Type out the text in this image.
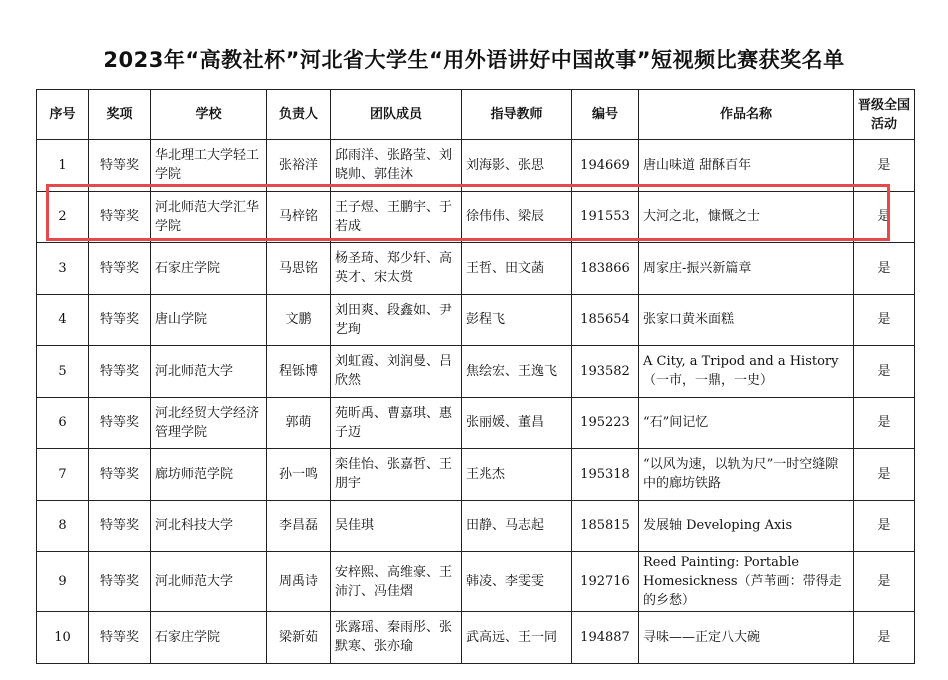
2023年“高教社杯”河北省大学生“用外语讲好中国故事”短视频比赛获奖名单
序号	奖项	学校	负责人	团队成员	指导教师	编号	作品名称	晋级全国活动
1	特等奖	华北理工大学轻工学院	张裕洋	邱雨洋、张路莹、刘晓帅、郭佳沐	刘海影、张思	194669	唐山味道 甜酥百年	是
2	特等奖	河北师范大学汇华学院	马梓铭	王子煜、王鹏宇、于若成	徐伟伟、梁辰	191553	大河之北，慷慨之士	是
3	特等奖	石家庄学院	马思铭	杨圣琦、郑少轩、高英才、宋太赏	王哲、田文菡	183866	周家庄-振兴新篇章	是
4	特等奖	唐山学院	文鹏	刘田爽、段鑫如、尹艺珣	彭程飞	185654	张家口黄米面糕	是
5	特等奖	河北师范大学	程铄博	刘虹霞、刘润曼、吕欣然	焦绘宏、王逸飞	193582	A City, a Tripod and a History（一市，一鼎，一史）	是
6	特等奖	河北经贸大学经济管理学院	郭萌	苑昕禹、曹嘉琪、惠子迈	张丽媛、董昌	195223	“石”间记忆	是
7	特等奖	廊坊师范学院	孙一鸣	栾佳怡、张嘉哲、王朋宇	王兆杰	195318	“以风为速，以轨为尺”一时空缝隙中的廊坊铁路	是
8	特等奖	河北科技大学	李昌磊	吴佳琪	田静、马志起	185815	发展轴 Developing Axis	是
9	特等奖	河北师范大学	周禹诗	安梓熙、高维豪、王沛汀、冯佳熠	韩凌、李雯雯	192716	Reed Painting: Portable Homesickness（芦苇画：带得走的乡愁）	是
10	特等奖	石家庄学院	梁新茹	张露瑶、秦雨彤、张默寒、张亦瑜	武高远、王一同	194887	寻味——正定八大碗	是
